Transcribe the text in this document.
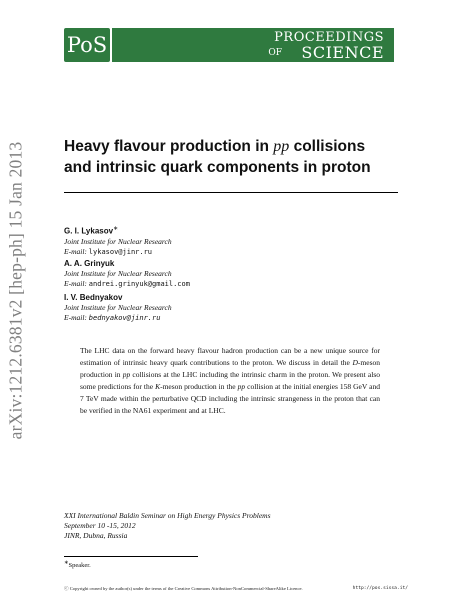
arXiv:1212.6381v2 [hep-ph] 15 Jan 2013
PoS	PROCEEDINGS
OF SCIENCE
Heavy flavour production in pp collisions and intrinsic quark components in proton
G. I. Lykasov∗
Joint Institute for Nuclear Research
E-mail: lykasov@jinr.ru
A. A. Grinyuk
Joint Institute for Nuclear Research
E-mail: andrei.grinyuk@gmail.com
I. V. Bednyakov
Joint Institute for Nuclear Research
E-mail: bednyakov@jinr.ru

The LHC data on the forward heavy flavour hadron production can be a new unique source for estimation of intrinsic heavy quark contributions to the proton. We discuss in detail the D-meson production in pp collisions at the LHC including the intrinsic charm in the proton. We present also some predictions for the K-meson production in the pp collision at the initial energies 158 GeV and 7 TeV made within the perturbative QCD including the intrinsic strangeness in the proton that can be verified in the NA61 experiment and at LHC.

XXI International Baldin Seminar on High Energy Physics Problems
September 10 -15, 2012
JINR, Dubna, Russia
∗Speaker.
ⓒ Copyright owned by the author(s) under the terms of the Creative Commons Attribution-NonCommercial-ShareAlike Licence.	http://pos.sissa.it/
